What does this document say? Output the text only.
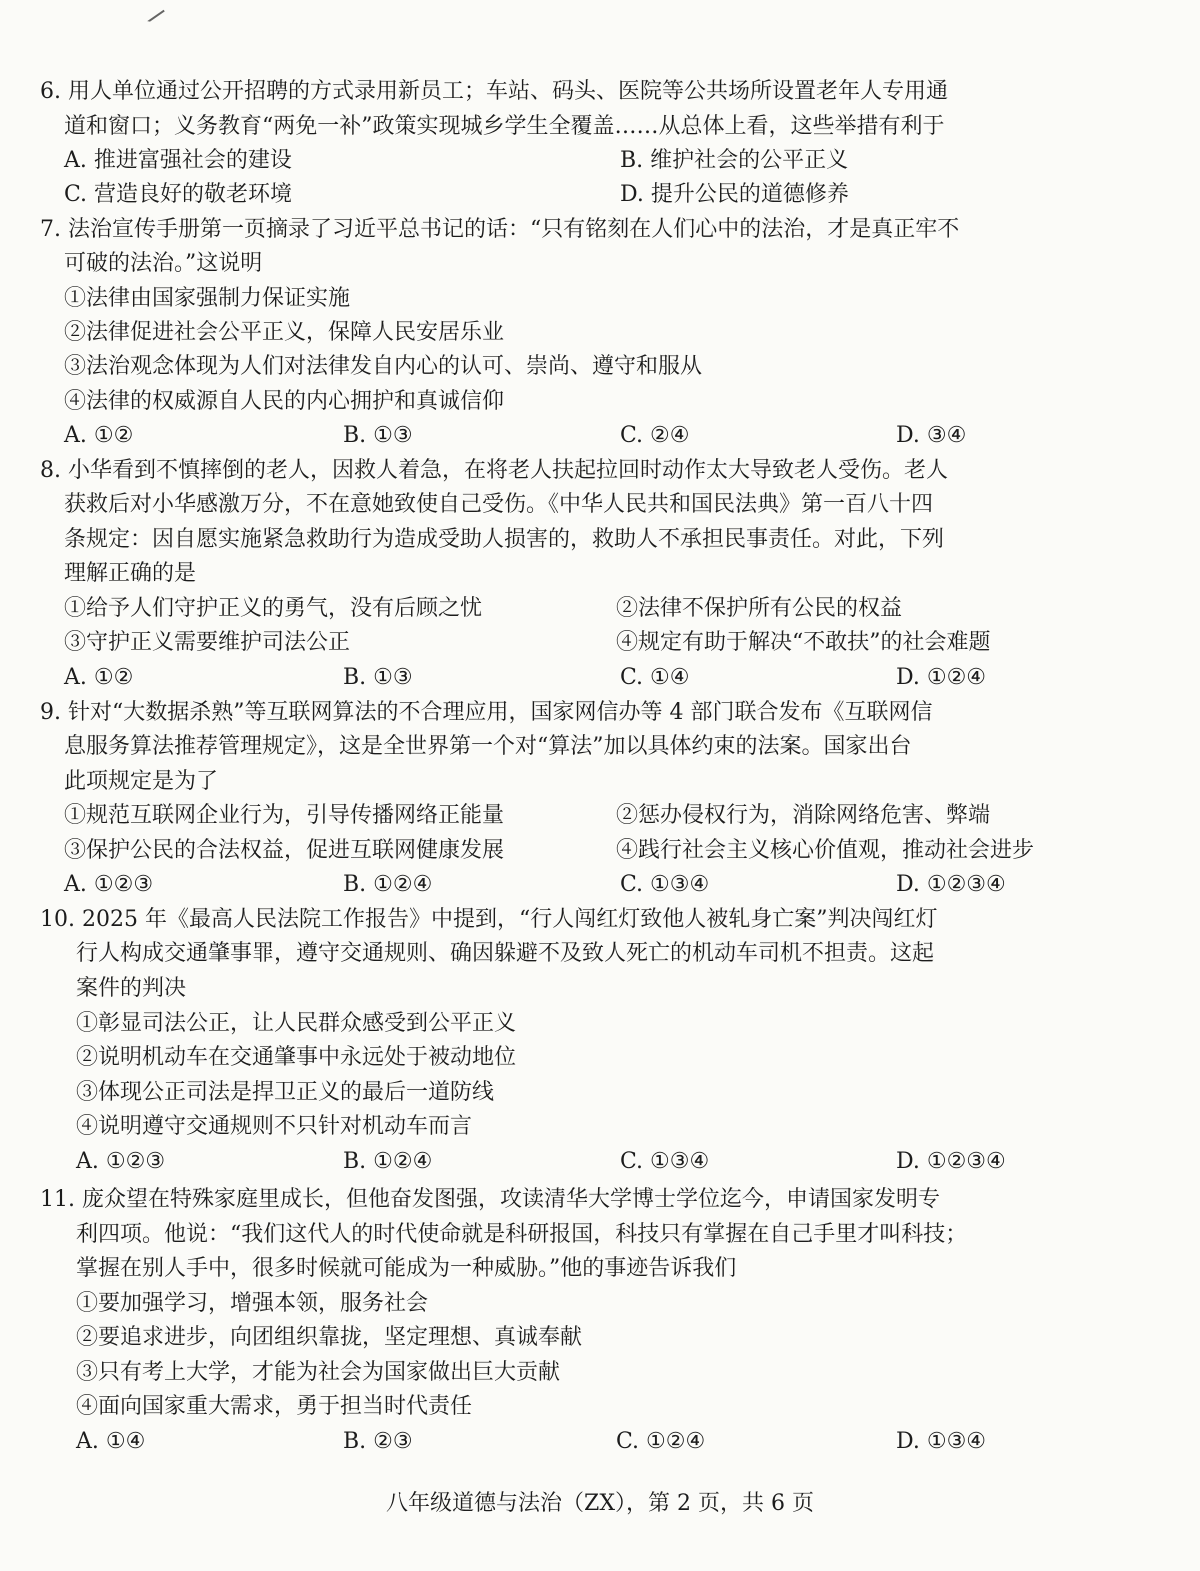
6. 用人单位通过公开招聘的方式录用新员工；车站、码头、医院等公共场所设置老年人专用通
道和窗口；义务教育“两免一补”政策实现城乡学生全覆盖……从总体上看，这些举措有利于
A. 推进富强社会的建设	B. 维护社会的公平正义
C. 营造良好的敬老环境	D. 提升公民的道德修养
7. 法治宣传手册第一页摘录了习近平总书记的话：“只有铭刻在人们心中的法治，才是真正牢不
可破的法治。”这说明
①法律由国家强制力保证实施
②法律促进社会公平正义，保障人民安居乐业
③法治观念体现为人们对法律发自内心的认可、崇尚、遵守和服从
④法律的权威源自人民的内心拥护和真诚信仰
A. ①②	B. ①③	C. ②④	D. ③④
8. 小华看到不慎摔倒的老人，因救人着急，在将老人扶起拉回时动作太大导致老人受伤。老人
获救后对小华感激万分，不在意她致使自己受伤。《中华人民共和国民法典》第一百八十四
条规定：因自愿实施紧急救助行为造成受助人损害的，救助人不承担民事责任。对此，下列
理解正确的是
①给予人们守护正义的勇气，没有后顾之忧	②法律不保护所有公民的权益
③守护正义需要维护司法公正	④规定有助于解决“不敢扶”的社会难题
A. ①②	B. ①③	C. ①④	D. ①②④
9. 针对“大数据杀熟”等互联网算法的不合理应用，国家网信办等 4 部门联合发布《互联网信
息服务算法推荐管理规定》，这是全世界第一个对“算法”加以具体约束的法案。国家出台
此项规定是为了
①规范互联网企业行为，引导传播网络正能量	②惩办侵权行为，消除网络危害、弊端
③保护公民的合法权益，促进互联网健康发展	④践行社会主义核心价值观，推动社会进步
A. ①②③	B. ①②④	C. ①③④	D. ①②③④
10. 2025 年《最高人民法院工作报告》中提到，“行人闯红灯致他人被轧身亡案”判决闯红灯
行人构成交通肇事罪，遵守交通规则、确因躲避不及致人死亡的机动车司机不担责。这起
案件的判决
①彰显司法公正，让人民群众感受到公平正义
②说明机动车在交通肇事中永远处于被动地位
③体现公正司法是捍卫正义的最后一道防线
④说明遵守交通规则不只针对机动车而言
A. ①②③	B. ①②④	C. ①③④	D. ①②③④
11. 庞众望在特殊家庭里成长，但他奋发图强，攻读清华大学博士学位迄今，申请国家发明专
利四项。他说：“我们这代人的时代使命就是科研报国，科技只有掌握在自己手里才叫科技；
掌握在别人手中，很多时候就可能成为一种威胁。”他的事迹告诉我们
①要加强学习，增强本领，服务社会
②要追求进步，向团组织靠拢，坚定理想、真诚奉献
③只有考上大学，才能为社会为国家做出巨大贡献
④面向国家重大需求，勇于担当时代责任
A. ①④	B. ②③	C. ①②④	D. ①③④
八年级道德与法治（ZX），第 2 页，共 6 页
